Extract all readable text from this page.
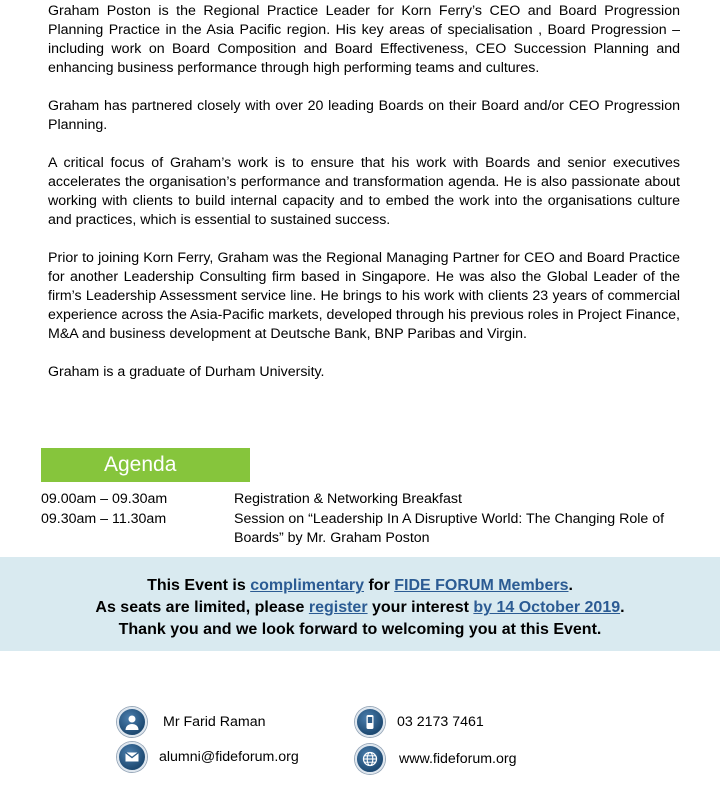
Graham Poston is the Regional Practice Leader for Korn Ferry’s CEO and Board Progression Planning Practice in the Asia Pacific region. His key areas of specialisation , Board Progression – including work on Board Composition and Board Effectiveness, CEO Succession Planning and enhancing business performance through high performing teams and cultures.

Graham has partnered closely with over 20 leading Boards on their Board and/or CEO Progression Planning.

A critical focus of Graham’s work is to ensure that his work with Boards and senior executives accelerates the organisation’s performance and transformation agenda. He is also passionate about working with clients to build internal capacity and to embed the work into the organisations culture and practices, which is essential to sustained success.

Prior to joining Korn Ferry, Graham was the Regional Managing Partner for CEO and Board Practice for another Leadership Consulting firm based in Singapore. He was also the Global Leader of the firm’s Leadership Assessment service line. He brings to his work with clients 23 years of commercial experience across the Asia-Pacific markets, developed through his previous roles in Project Finance, M&A and business development at Deutsche Bank, BNP Paribas and Virgin.

Graham is a graduate of Durham University.

Agenda
09.00am – 09.30am	Registration & Networking Breakfast
09.30am – 11.30am	Session on “Leadership In A Disruptive World: The Changing Role of Boards” by Mr. Graham Poston
This Event is complimentary for FIDE FORUM Members.
As seats are limited, please register your interest by 14 October 2019.
Thank you and we look forward to welcoming you at this Event.
Mr Farid Raman	03 2173 7461
alumni@fideforum.org	www.fideforum.org
